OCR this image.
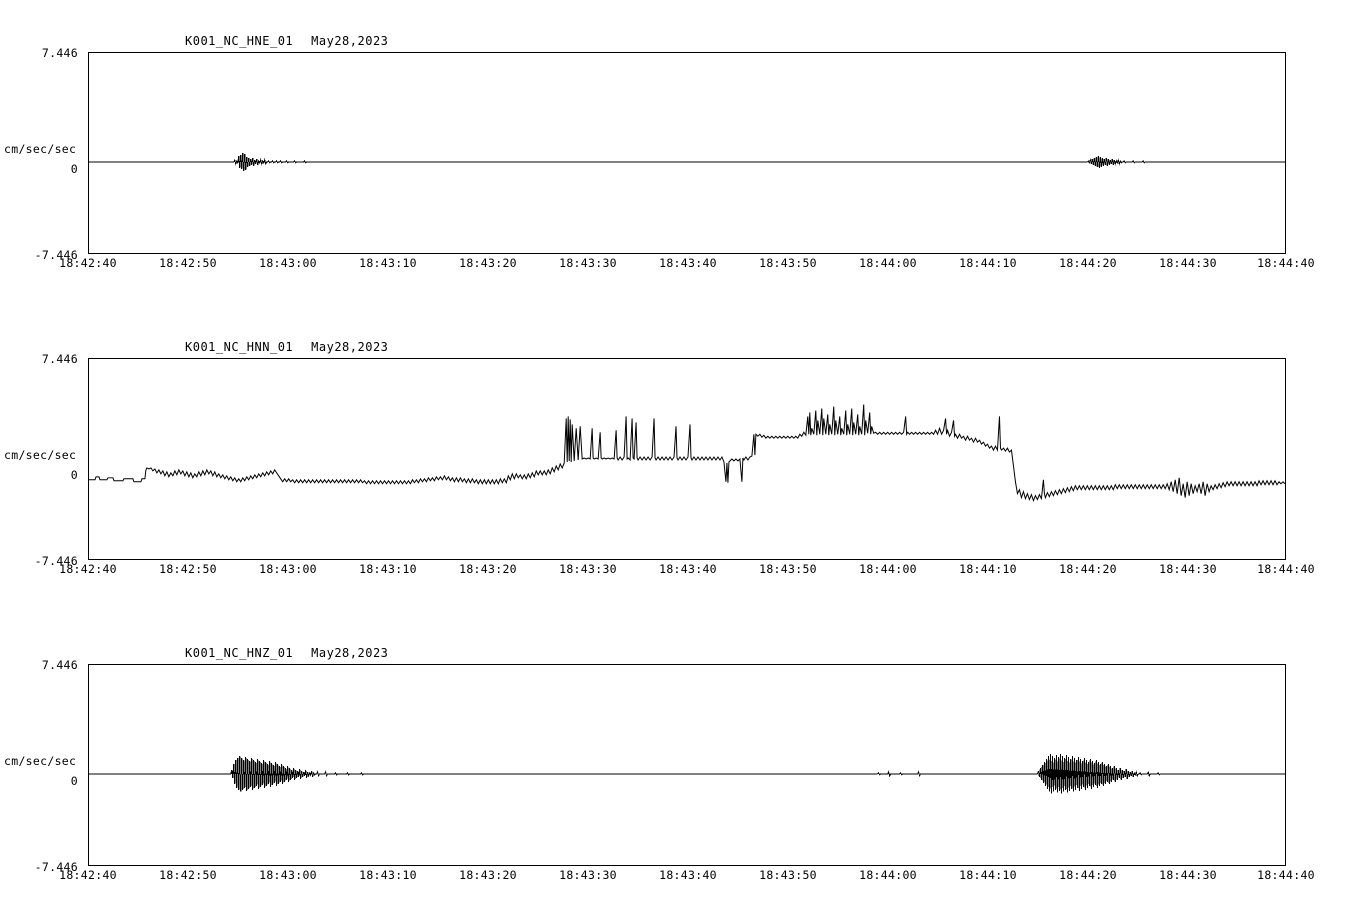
K001_NC_HNE_01 May28,2023
cm/sec/sec
7.446
0
-7.446
18:42:40	18:42:50	18:43:00	18:43:10	18:43:20	18:43:30	18:43:40	18:43:50	18:44:00	18:44:10	18:44:20	18:44:30	18:44:40
K001_NC_HNN_01 May28,2023
cm/sec/sec
7.446
0
-7.446
18:42:40	18:42:50	18:43:00	18:43:10	18:43:20	18:43:30	18:43:40	18:43:50	18:44:00	18:44:10	18:44:20	18:44:30	18:44:40
K001_NC_HNZ_01 May28,2023
cm/sec/sec
7.446
0
-7.446
18:42:40	18:42:50	18:43:00	18:43:10	18:43:20	18:43:30	18:43:40	18:43:50	18:44:00	18:44:10	18:44:20	18:44:30	18:44:40
